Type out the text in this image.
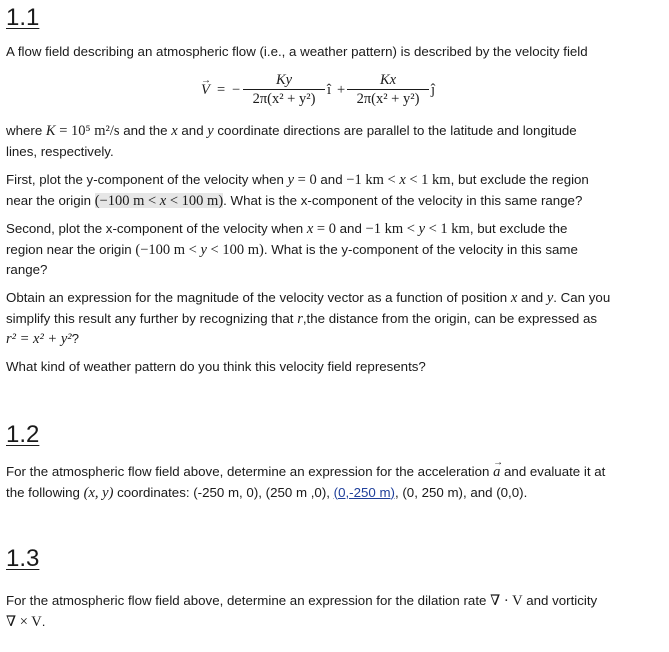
1.1

A flow field describing an atmospheric flow (i.e., a weather pattern) is described by the velocity field

→ V = −
Ky
2π(x² + y²)
î +
Kx
2π(x² + y²)
ĵ

where K = 10⁵ m²/s and the x and y coordinate directions are parallel to the latitude and longitude
lines, respectively.

First, plot the y-component of the velocity when y = 0 and −1 km < x < 1 km, but exclude the region
near the origin (−100 m < x < 100 m). What is the x-component of the velocity in this same range?

Second, plot the x-component of the velocity when x = 0 and −1 km < y < 1 km, but exclude the
region near the origin (−100 m < y < 100 m). What is the y-component of the velocity in this same
range?

Obtain an expression for the magnitude of the velocity vector as a function of position x and y. Can you
simplify this result any further by recognizing that r,the distance from the origin, can be expressed as
r² = x² + y²?

What kind of weather pattern do you think this velocity field represents?

1.2

For the atmospheric flow field above, determine an expression for the acceleration → a and evaluate it at
the following (x, y) coordinates: (-250 m, 0), (250 m ,0), (0,-250 m), (0, 250 m), and (0,0).

1.3

For the atmospheric flow field above, determine an expression for the dilation rate ∇ · V and vorticity
∇ × V.
